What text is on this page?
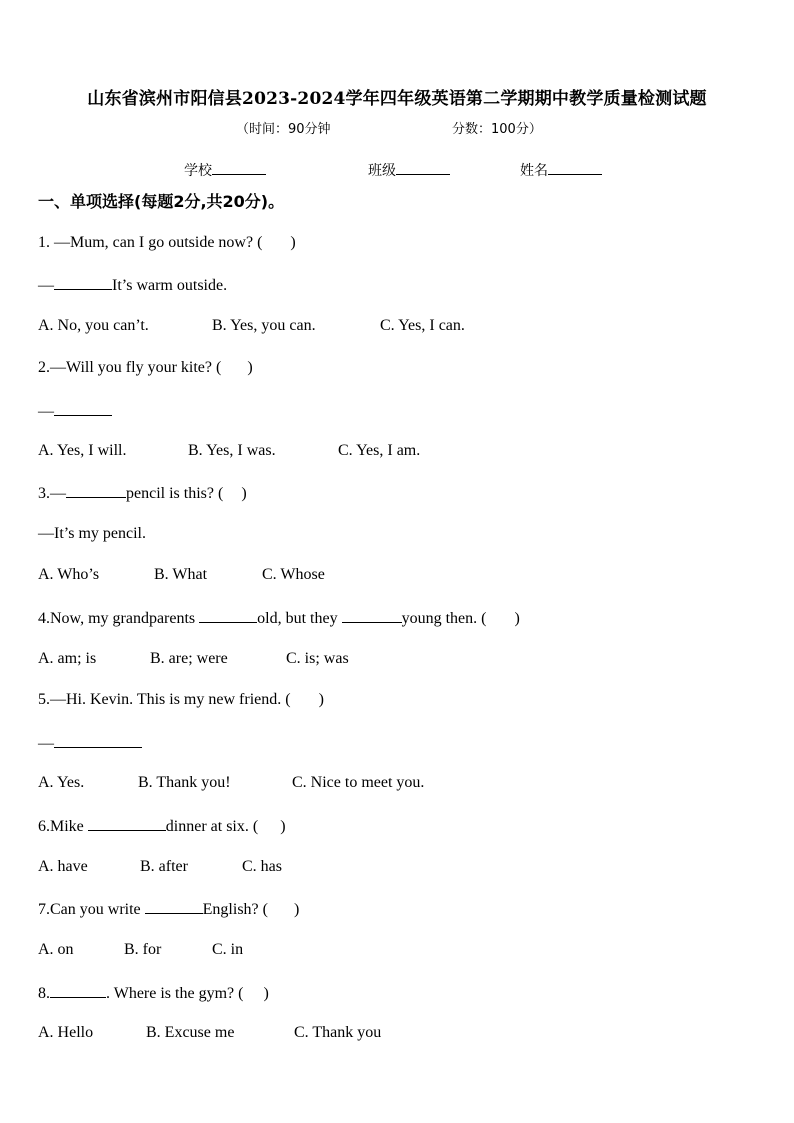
山东省滨州市阳信县2023-2024学年四年级英语第二学期期中教学质量检测试题
（时间：90分钟	分数：100分）
学校	班级	姓名
一、单项选择(每题2分,共20分)。
1. —Mum, can I go outside now? ( )
—	It’s warm outside.
A. No, you can’t.	B. Yes, you can.	C. Yes, I can.
2.—Will you fly your kite? ( )
—
A. Yes, I will.	B. Yes, I was.	C. Yes, I am.
3.—	pencil is this? ( )
—It’s my pencil.
A. Who’s	B. What	C. Whose
4.Now, my grandparents	old, but they	young then. ( )
A. am; is	B. are; were	C. is; was
5.—Hi. Kevin. This is my new friend. ( )
—
A. Yes.	B. Thank you!	C. Nice to meet you.
6.Mike	dinner at six. ( )
A. have	B. after	C. has
7.Can you write	English? ( )
A. on	B. for	C. in
8.	. Where is the gym? ( )
A. Hello	B. Excuse me	C. Thank you
